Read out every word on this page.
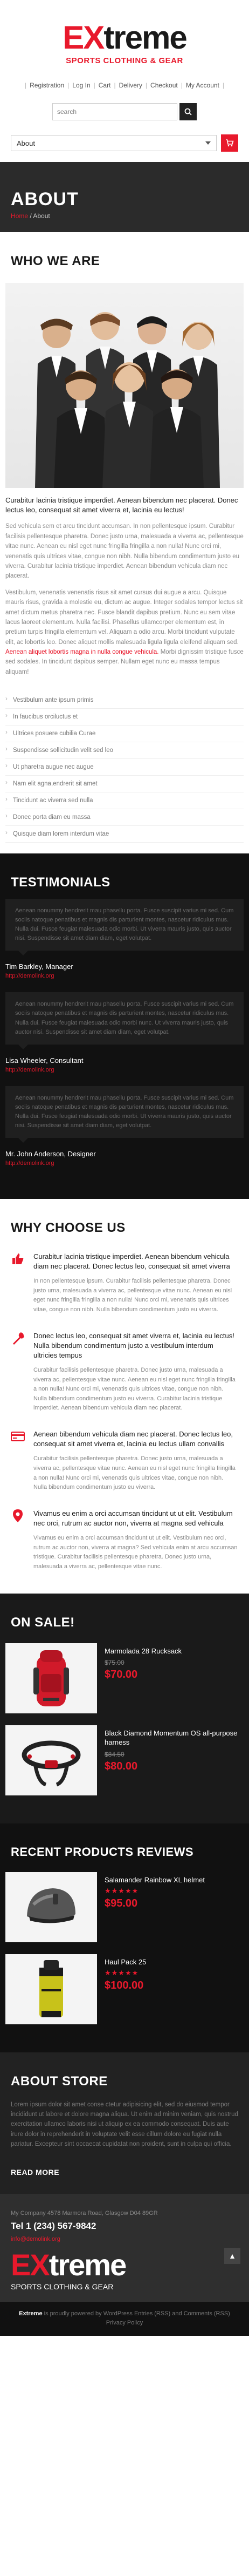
EXtreme
SPORTS CLOTHING & GEAR
| Registration | Log In | Cart | Delivery | Checkout | My Account |
search
About
ABOUT
Home / About
WHO WE ARE

Curabitur lacinia tristique imperdiet. Aenean bibendum nec placerat. Donec lectus leo, consequat sit amet viverra et, lacinia eu lectus!

Sed vehicula sem et arcu tincidunt accumsan. In non pellentesque ipsum. Curabitur facilisis pellentesque pharetra. Donec justo urna, malesuada a viverra ac, pellentesque vitae nunc. Aenean eu nisl eget nunc fringilla fringilla a non nulla! Nunc orci mi, venenatis quis ultrices vitae, congue non nibh. Nulla bibendum condimentum justo eu viverra. Curabitur lacinia tristique imperdiet. Aenean bibendum vehicula diam nec placerat.

Vestibulum, venenatis venenatis risus sit amet cursus dui augue a arcu. Quisque mauris risus, gravida a molestie eu, dictum ac augue. Integer sodales tempor lectus sit amet dictum metus pharetra nec. Fusce blandit dapibus pretium. Nunc eu sem vitae lacus laoreet elementum. Nulla facilisi. Phasellus ullamcorper elementum est, in pretium turpis fringilla elementum vel. Aliquam a odio arcu. Morbi tincidunt vulputate elit, ac lobortis leo. Donec aliquet mollis malesuada ligula ligula eleifend aliquam sed. Aenean aliquet lobortis magna in nulla congue vehicula. Morbi dignissim tristique fusce sed sodales. In tincidunt dapibus semper. Nullam eget nunc eu massa tempus aliquam!

› Vestibulum ante ipsum primis
› In faucibus orciluctus et
› Ultrices posuere cubilia Curae
› Suspendisse sollicitudin velit sed leo
› Ut pharetra augue nec augue
› Nam elit agna,endrerit sit amet
› Tincidunt ac viverra sed nulla
› Donec porta diam eu massa
› Quisque diam lorem interdum vitae
TESTIMONIALS
Aenean nonummy hendrerit mau phasellu porta. Fusce suscipit varius mi sed. Cum sociis natoque penatibus et magnis dis parturient montes, nascetur ridiculus mus. Nulla dui. Fusce feugiat malesuada odio morbi. Ut viverra mauris justo, quis auctor nisi. Suspendisse sit amet diam diam, eget volutpat.
Tim Barkley, Manager
http://demolink.org
Aenean nonummy hendrerit mau phasellu porta. Fusce suscipit varius mi sed. Cum sociis natoque penatibus et magnis dis parturient montes, nascetur ridiculus mus. Nulla dui. Fusce feugiat malesuada odio morbi nunc. Ut viverra mauris justo, quis auctor nisi. Suspendisse sit amet diam diam, eget volutpat.
Lisa Wheeler, Consultant
http://demolink.org
Aenean nonummy hendrerit mau phasellu porta. Fusce suscipit varius mi sed. Cum sociis natoque penatibus et magnis dis parturient montes, nascetur ridiculus mus. Nulla dui. Fusce feugiat malesuada odio morbi. Ut viverra mauris justo, quis auctor nisi. Suspendisse sit amet diam diam, eget volutpat.
Mr. John Anderson, Designer
http://demolink.org
WHY CHOOSE US
Curabitur lacinia tristique imperdiet. Aenean bibendum vehicula diam nec placerat. Donec lectus leo, consequat sit amet viverra
In non pellentesque ipsum. Curabitur facilisis pellentesque pharetra. Donec justo urna, malesuada a viverra ac, pellentesque vitae nunc. Aenean eu nisl eget nunc fringilla fringilla a non nulla! Nunc orci mi, venenatis quis ultrices vitae, congue non nibh. Nulla bibendum condimentum justo eu viverra.
Donec lectus leo, consequat sit amet viverra et, lacinia eu lectus! Nulla bibendum condimentum justo a vestibulum interdum ultricies tempus
Curabitur facilisis pellentesque pharetra. Donec justo urna, malesuada a viverra ac, pellentesque vitae nunc. Aenean eu nisl eget nunc fringilla fringilla a non nulla! Nunc orci mi, venenatis quis ultrices vitae, congue non nibh. Nulla bibendum condimentum justo eu viverra. Curabitur lacinia tristique imperdiet. Aenean bibendum vehicula diam nec placerat.
Aenean bibendum vehicula diam nec placerat. Donec lectus leo, consequat sit amet viverra et, lacinia eu lectus ullam convallis
Curabitur facilisis pellentesque pharetra. Donec justo urna, malesuada a viverra ac, pellentesque vitae nunc. Aenean eu nisl eget nunc fringilla fringilla a non nulla! Nunc orci mi, venenatis quis ultrices vitae, congue non nibh. Nulla bibendum condimentum justo eu viverra.
Vivamus eu enim a orci accumsan tincidunt ut ut elit. Vestibulum nec orci, rutrum ac auctor non, viverra at magna sed vehicula
Vivamus eu enim a orci accumsan tincidunt ut ut elit. Vestibulum nec orci, rutrum ac auctor non, viverra at magna? Sed vehicula enim at arcu accumsan tristique. Curabitur facilisis pellentesque pharetra. Donec justo urna, malesuada a viverra ac, pellentesque vitae nunc.
ON SALE!
Marmolada 28 Rucksack
$75.00
$70.00
Black Diamond Momentum OS all-purpose harness
$84.50
$80.00
RECENT PRODUCTS REVIEWS
Salamander Rainbow XL helmet
★★★★★
$95.00
Haul Pack 25
★★★★★
$100.00
ABOUT STORE

Lorem ipsum dolor sit amet conse ctetur adipisicing elit, sed do eiusmod tempor incididunt ut labore et dolore magna aliqua. Ut enim ad minim veniam, quis nostrud exercitation ullamco laboris nisi ut aliquip ex ea commodo consequat. Duis aute irure dolor in reprehenderit in voluptate velit esse cillum dolore eu fugiat nulla pariatur. Excepteur sint occaecat cupidatat non proident, sunt in culpa qui officia.

READ MORE
My Company 4578 Marmora Road, Glasgow D04 89GR
Tel 1 (234) 567-9842
info@demolink.org
EXtreme
SPORTS CLOTHING & GEAR
▲
Extreme is proudly powered by WordPress Entries (RSS) and Comments (RSS)
Privacy Policy
